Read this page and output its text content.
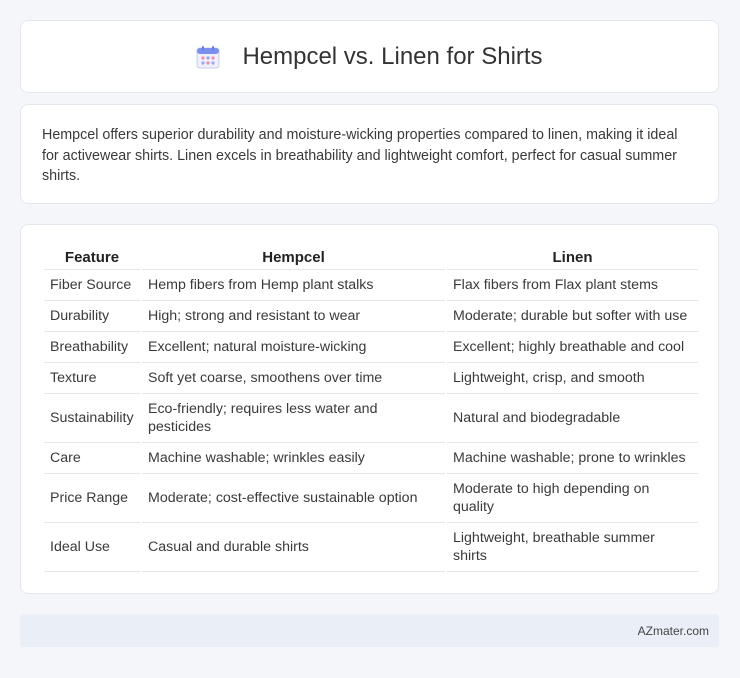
Hempcel vs. Linen for Shirts

Hempcel offers superior durability and moisture-wicking properties compared to linen, making it ideal for activewear shirts. Linen excels in breathability and lightweight comfort, perfect for casual summer shirts.

Feature	Hempcel	Linen
Fiber Source	Hemp fibers from Hemp plant stalks	Flax fibers from Flax plant stems
Durability	High; strong and resistant to wear	Moderate; durable but softer with use
Breathability	Excellent; natural moisture-wicking	Excellent; highly breathable and cool
Texture	Soft yet coarse, smoothens over time	Lightweight, crisp, and smooth
Sustainability	Eco-friendly; requires less water and pesticides	Natural and biodegradable
Care	Machine washable; wrinkles easily	Machine washable; prone to wrinkles
Price Range	Moderate; cost-effective sustainable option	Moderate to high depending on quality
Ideal Use	Casual and durable shirts	Lightweight, breathable summer shirts
AZmater.com
